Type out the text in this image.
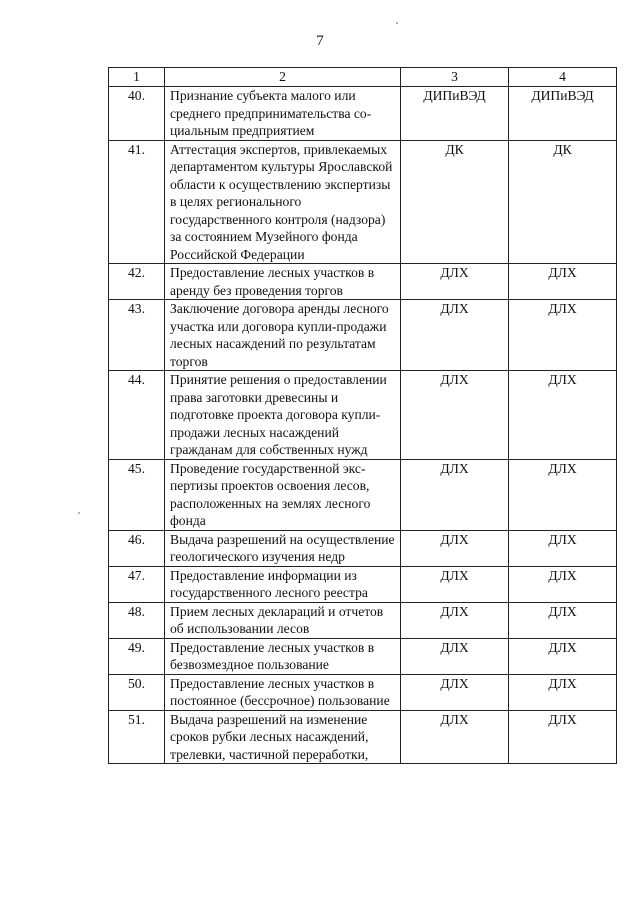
7
1	2	3	4
40.	Признание субъекта малого или среднего предпринимательства социальным предприятием	ДИПиВЭД	ДИПиВЭД
41.	Аттестация экспертов, привлекаемых департаментом культуры Ярославской области к осуществлению экспертизы в целях регионального государственного контроля (надзора) за состоянием Музейного фонда Российской Федерации	ДК	ДК
42.	Предоставление лесных участков в аренду без проведения торгов	ДЛХ	ДЛХ
43.	Заключение договора аренды лесного участка или договора купли-продажи лесных насаждений по результатам торгов	ДЛХ	ДЛХ
44.	Принятие решения о предоставлении права заготовки древесины и подготовке проекта договора купли-продажи лесных насаждений гражданам для собственных нужд	ДЛХ	ДЛХ
45.	Проведение государственной экспертизы проектов освоения лесов, расположенных на землях лесного фонда	ДЛХ	ДЛХ
46.	Выдача разрешений на осуществление геологического изучения недр	ДЛХ	ДЛХ
47.	Предоставление информации из государственного лесного реестра	ДЛХ	ДЛХ
48.	Прием лесных деклараций и отчетов об использовании лесов	ДЛХ	ДЛХ
49.	Предоставление лесных участков в безвозмездное пользование	ДЛХ	ДЛХ
50.	Предоставление лесных участков в постоянное (бессрочное) пользование	ДЛХ	ДЛХ
51.	Выдача разрешений на изменение сроков рубки лесных насаждений, трелевки, частичной переработки,	ДЛХ	ДЛХ
